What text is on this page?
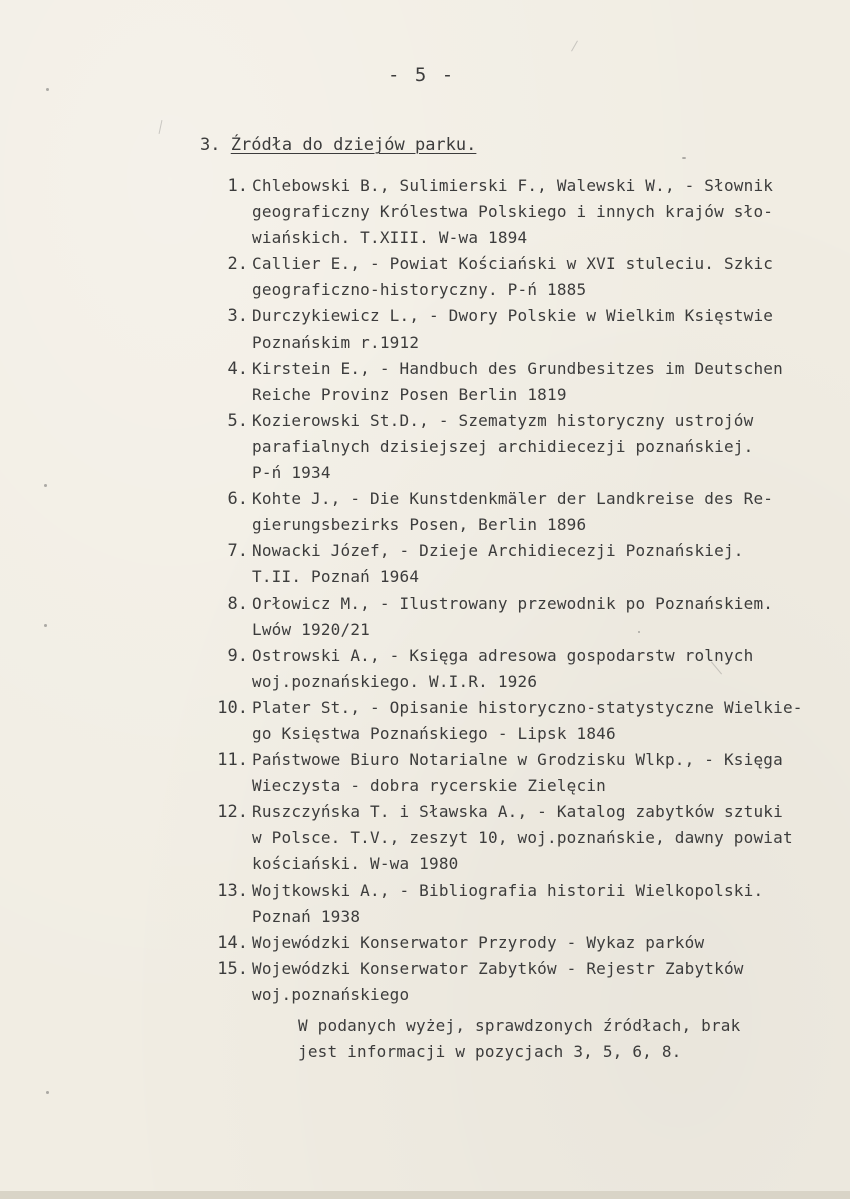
- 5 -
3. Źródła do dziejów parku.
1. Chlebowski B., Sulimierski F., Walewski W., - Słownik
geograficzny Królestwa Polskiego i innych krajów sło-
wiańskich. T.XIII. W-wa 1894
2. Callier E., - Powiat Kościański w XVI stuleciu. Szkic
geograficzno-historyczny. P-ń 1885
3. Durczykiewicz L., - Dwory Polskie w Wielkim Księstwie
Poznańskim r.1912
4. Kirstein E., - Handbuch des Grundbesitzes im Deutschen
Reiche Provinz Posen Berlin 1819
5. Kozierowski St.D., - Szematyzm historyczny ustrojów
parafialnych dzisiejszej archidiecezji poznańskiej.
P-ń 1934
6. Kohte J., - Die Kunstdenkmäler der Landkreise des Re-
gierungsbezirks Posen, Berlin 1896
7. Nowacki Józef, - Dzieje Archidiecezji Poznańskiej.
T.II. Poznań 1964
8. Orłowicz M., - Ilustrowany przewodnik po Poznańskiem.
Lwów 1920/21
9. Ostrowski A., - Księga adresowa gospodarstw rolnych
woj.poznańskiego. W.I.R. 1926
10. Plater St., - Opisanie historyczno-statystyczne Wielkie-
go Księstwa Poznańskiego - Lipsk 1846
11. Państwowe Biuro Notarialne w Grodzisku Wlkp., - Księga
Wieczysta - dobra rycerskie Zielęcin
12. Ruszczyńska T. i Sławska A., - Katalog zabytków sztuki
w Polsce. T.V., zeszyt 10, woj.poznańskie, dawny powiat
kościański. W-wa 1980
13. Wojtkowski A., - Bibliografia historii Wielkopolski.
Poznań 1938
14. Wojewódzki Konserwator Przyrody - Wykaz parków
15. Wojewódzki Konserwator Zabytków - Rejestr Zabytków
woj.poznańskiego

W podanych wyżej, sprawdzonych źródłach, brak
jest informacji w pozycjach 3, 5, 6, 8.
